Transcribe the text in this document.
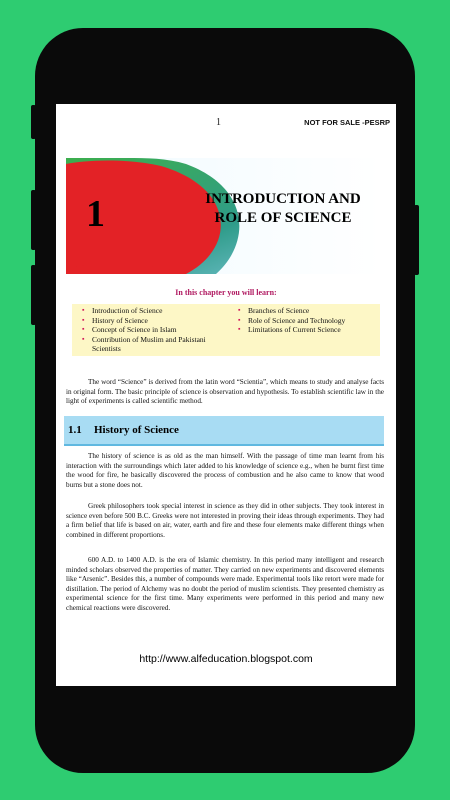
1	NOT FOR SALE -PESRP
1	INTRODUCTION AND
ROLE OF SCIENCE
In this chapter you will learn:
▪ Introduction of Science
▪ History of Science
▪ Concept of Science in Islam
▪ Contribution of Muslim and Pakistani Scientists
▪ Branches of Science
▪ Role of Science and Technology
▪ Limitations of Current Science

The word “Science” is derived from the latin word “Scientia”, which means to study and analyse facts in original form. The basic principle of science is observation and hypothesis. To establish scientific law in the light of experiments is called scientific method.

1.1 History of Science

The history of science is as old as the man himself. With the passage of time man learnt from his interaction with the surroundings which later added to his knowledge of science e.g., when he burnt first time the wood for fire, he basically discovered the process of combustion and he also came to know that wood burns but a stone does not.

Greek philosophers took special interest in science as they did in other subjects. They took interest in science even before 500 B.C. Greeks were not interested in proving their ideas through experiments. They had a firm belief that life is based on air, water, earth and fire and these four elements make different things when combined in different proportions.

600 A.D. to 1400 A.D. is the era of Islamic chemistry. In this period many intelligent and research minded scholars observed the properties of matter. They carried on new experiments and discovered elements like “Arsenic”. Besides this, a number of compounds were made. Experimental tools like retort were made for distillation. The period of Alchemy was no doubt the period of muslim scientists. They presented chemistry as experimental science for the first time. Many experiments were performed in this period and many new chemical reactions were discovered.

http://www.alfeducation.blogspot.com
